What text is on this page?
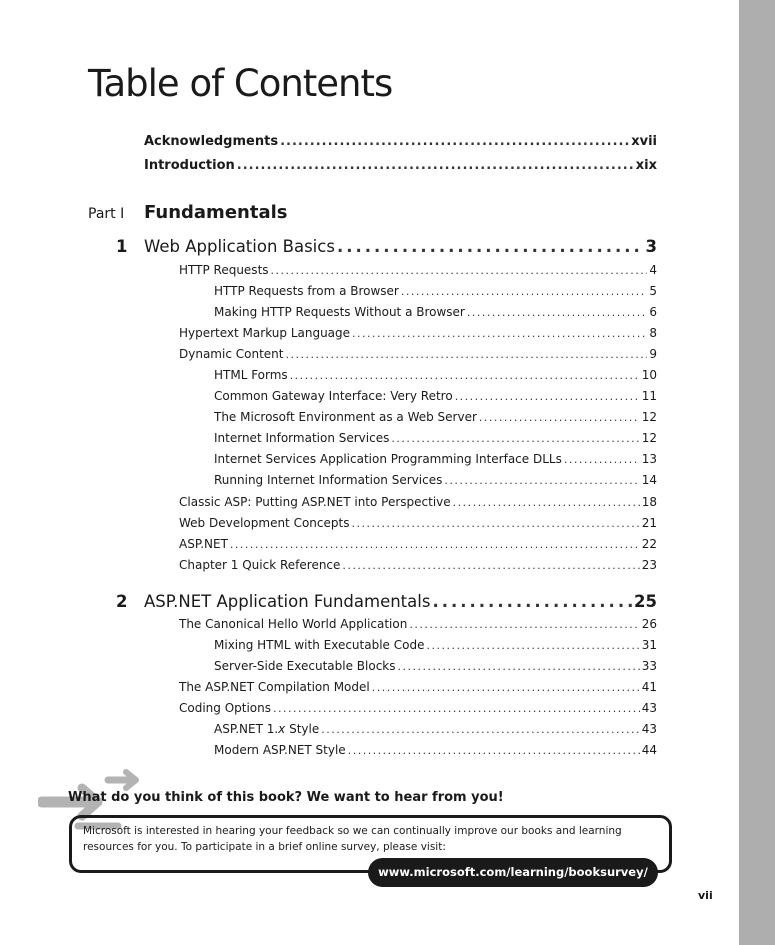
Table of Contents
Acknowledgments .....	xvii
Introduction .....	xix
Part I Fundamentals
1 Web Application Basics .....	3
HTTP Requests .....	4
HTTP Requests from a Browser .....	5
Making HTTP Requests Without a Browser .....	6
Hypertext Markup Language .....	8
Dynamic Content .....	9
HTML Forms .....	10
Common Gateway Interface: Very Retro .....	11
The Microsoft Environment as a Web Server .....	12
Internet Information Services .....	12
Internet Services Application Programming Interface DLLs .....	13
Running Internet Information Services .....	14
Classic ASP: Putting ASP.NET into Perspective .....	18
Web Development Concepts .....	21
ASP.NET .....	22
Chapter 1 Quick Reference .....	23
2 ASP.NET Application Fundamentals .....	25
The Canonical Hello World Application .....	26
Mixing HTML with Executable Code .....	31
Server-Side Executable Blocks .....	33
The ASP.NET Compilation Model .....	41
Coding Options .....	43
ASP.NET 1.x Style .....	43
Modern ASP.NET Style .....	44
What do you think of this book? We want to hear from you!
Microsoft is interested in hearing your feedback so we can continually improve our books and learning resources for you. To participate in a brief online survey, please visit:
www.microsoft.com/learning/booksurvey/
vii
